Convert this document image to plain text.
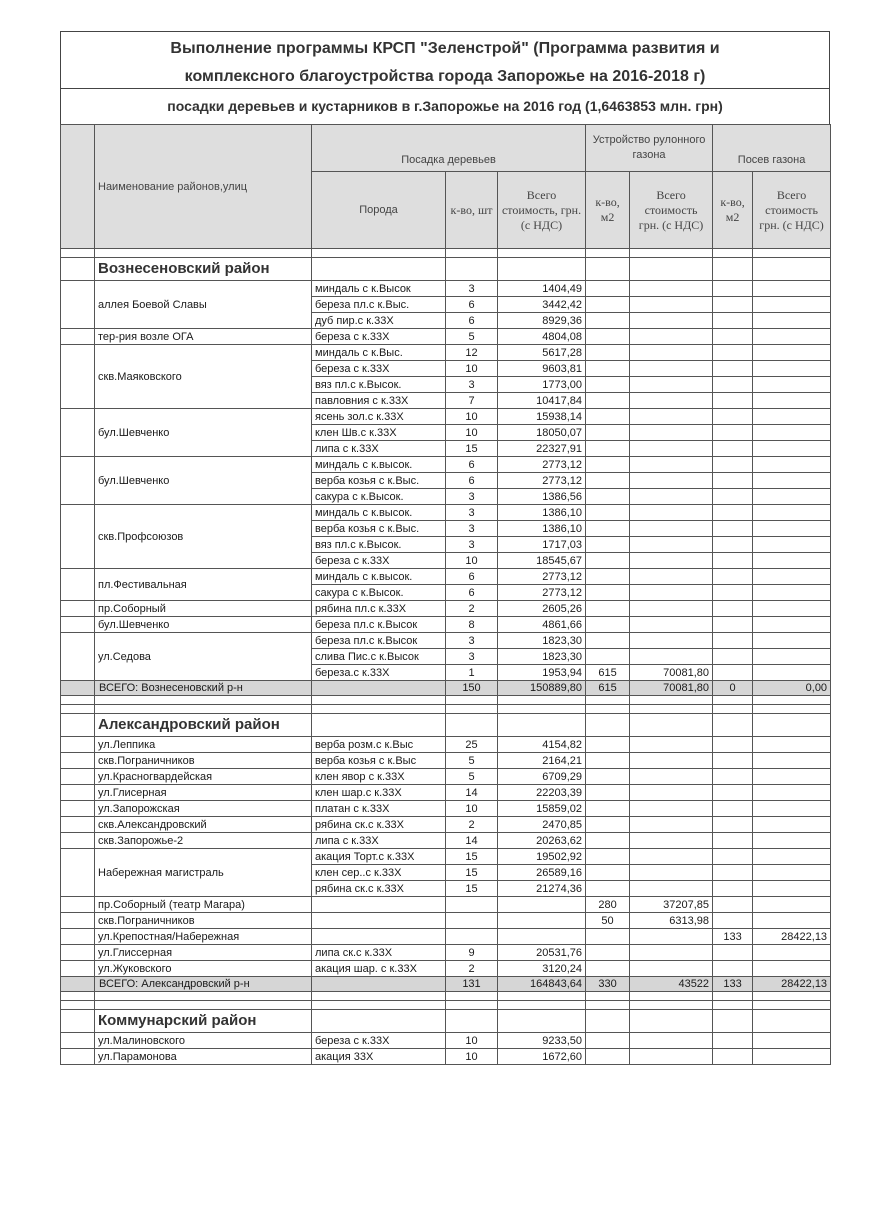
Выполнение программы КРСП "Зеленстрой" (Программа развития и
комплексного благоустройства города Запорожье на 2016-2018 г)
посадки деревьев и кустарников в г.Запорожье на 2016 год (1,6463853 млн. грн)
	Наименование районов,улиц	Посадка деревьев			Устройство рулонного газона		Посев газона	
		Порода	к-во, шт	Всего стоимость, грн. (с НДС)	к-во, м2	Всего стоимость грн. (с НДС)	к-во, м2	Всего стоимость грн. (с НДС)

	Вознесеновский район							
	аллея Боевой Славы	миндаль с к.Высок	3	1404,49				
		береза пл.с к.Выс.	6	3442,42				
		дуб пир.с к.33Х	6	8929,36				
	тер-рия возле ОГА	береза с к.33Х	5	4804,08				
	скв.Маяковского	миндаль с к.Выс.	12	5617,28				
		береза с к.33Х	10	9603,81				
		вяз пл.с к.Высок.	3	1773,00				
		павловния с к.33Х	7	10417,84				
	бул.Шевченко	ясень зол.с к.33Х	10	15938,14				
		клен Шв.с к.33Х	10	18050,07				
		липа с к.33Х	15	22327,91				
	бул.Шевченко	миндаль с к.высок.	6	2773,12				
		верба козья с к.Выс.	6	2773,12				
		сакура с к.Высок.	3	1386,56				
	скв.Профсоюзов	миндаль с к.высок.	3	1386,10				
		верба козья с к.Выс.	3	1386,10				
		вяз пл.с к.Высок.	3	1717,03				
		береза с к.33Х	10	18545,67				
	пл.Фестивальная	миндаль с к.высок.	6	2773,12				
		сакура с к.Высок.	6	2773,12				
	пр.Соборный	рябина пл.с к.33Х	2	2605,26				
	бул.Шевченко	береза пл.с к.Высок	8	4861,66				
	ул.Седова	береза пл.с к.Высок	3	1823,30				
		слива Пис.с к.Высок	3	1823,30				
		береза.с к.33Х	1	1953,94	615	70081,80		
	ВСЕГО: Вознесеновский р-н		150	150889,80	615	70081,80	0	0,00

	Александровский район							
	ул.Леппика	верба розм.с к.Выс	25	4154,82				
	скв.Пограничников	верба козья с к.Выс	5	2164,21				
	ул.Красногвардейская	клен явор с к.33Х	5	6709,29				
	ул.Глисерная	клен шар.с к.33Х	14	22203,39				
	ул.Запорожская	платан с к.33Х	10	15859,02				
	скв.Александровский	рябина ск.с к.33Х	2	2470,85				
	скв.Запорожье-2	липа с к.33Х	14	20263,62				
	Набережная магистраль	акация Торт.с к.33Х	15	19502,92				
		клен сер..с к.33Х	15	26589,16				
		рябина ск.с к.33Х	15	21274,36				
	пр.Соборный (театр Магара)				280	37207,85		
	скв.Пограничников				50	6313,98		
	ул.Крепостная/Набережная						133	28422,13
	ул.Глиссерная	липа ск.с к.33Х	9	20531,76				
	ул.Жуковского	акация шар. с к.33Х	2	3120,24				
	ВСЕГО: Александровский р-н		131	164843,64	330	43522	133	28422,13

	Коммунарский район							
	ул.Малиновского	береза с к.33Х	10	9233,50				
	ул.Парамонова	акация 33Х	10	1672,60				
